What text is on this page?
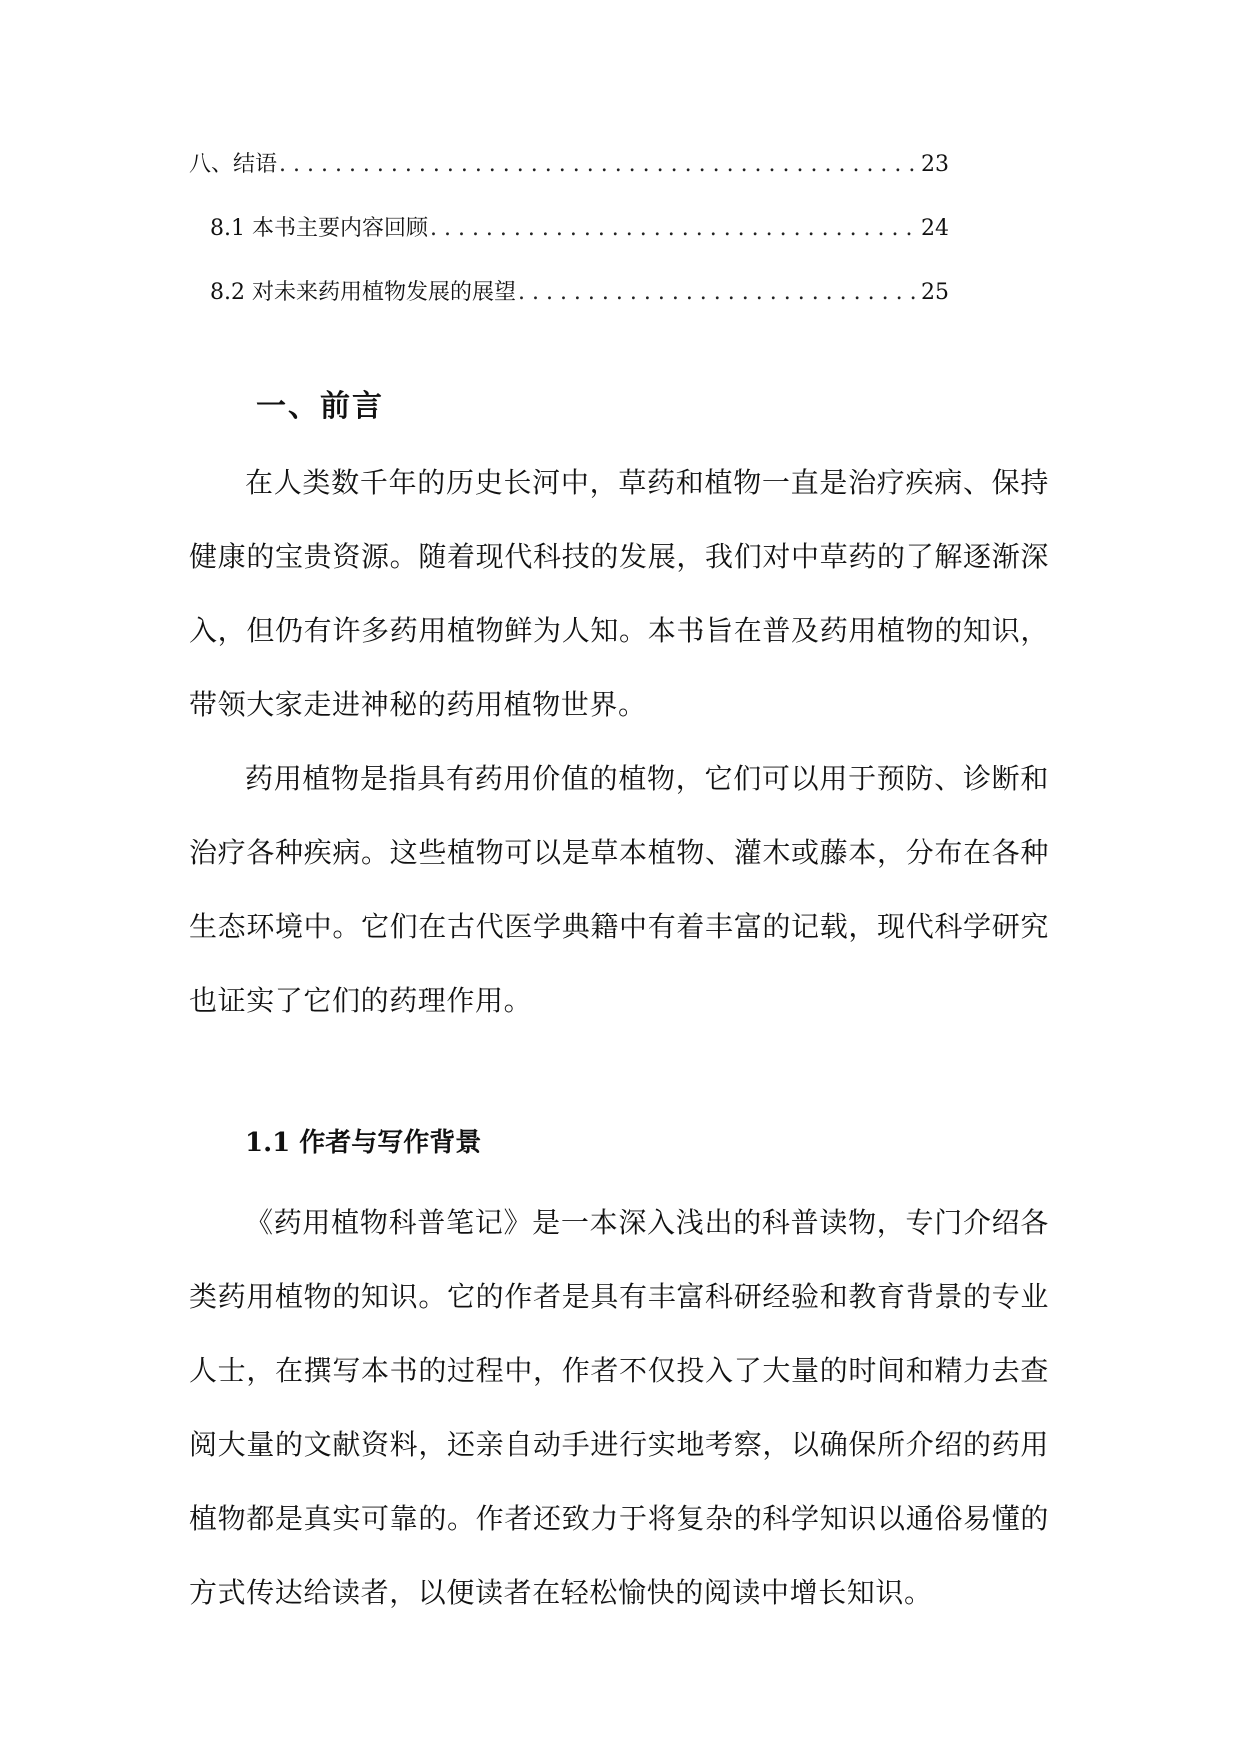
八、结语 . . .	23
8.1 本书主要内容回顾 . . .	24
8.2 对未来药用植物发展的展望 . . .	25
一、前言

在人类数千年的历史长河中，草药和植物一直是治疗疾病、保持健康的宝贵资源。随着现代科技的发展，我们对中草药的了解逐渐深入，但仍有许多药用植物鲜为人知。本书旨在普及药用植物的知识，带领大家走进神秘的药用植物世界。

药用植物是指具有药用价值的植物，它们可以用于预防、诊断和治疗各种疾病。这些植物可以是草本植物、灌木或藤本，分布在各种生态环境中。它们在古代医学典籍中有着丰富的记载，现代科学研究也证实了它们的药理作用。

1.1 作者与写作背景

《药用植物科普笔记》是一本深入浅出的科普读物，专门介绍各类药用植物的知识。它的作者是具有丰富科研经验和教育背景的专业人士，在撰写本书的过程中，作者不仅投入了大量的时间和精力去查阅大量的文献资料，还亲自动手进行实地考察，以确保所介绍的药用植物都是真实可靠的。作者还致力于将复杂的科学知识以通俗易懂的方式传达给读者，以便读者在轻松愉快的阅读中增长知识。
